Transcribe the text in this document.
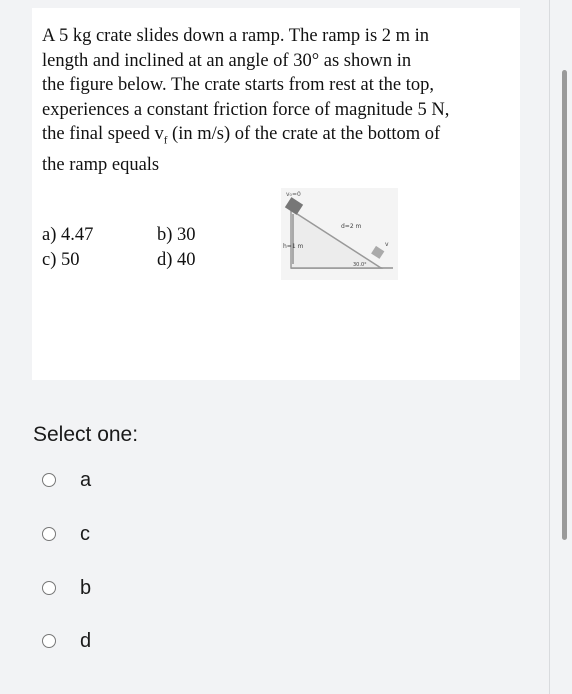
A 5 kg crate slides down a ramp. The ramp is 2 m in
length and inclined at an angle of 30° as shown in
the figure below. The crate starts from rest at the top,
experiences a constant friction force of magnitude 5 N,
the final speed $v_f$ (in m/s) of the crate at the bottom of
the ramp equals

a) 4.47	b) 30
c) 50	d) 40
v₀=0
d=2 m
h=1 m
30.0°
v

Select one:

a
c
b
d
